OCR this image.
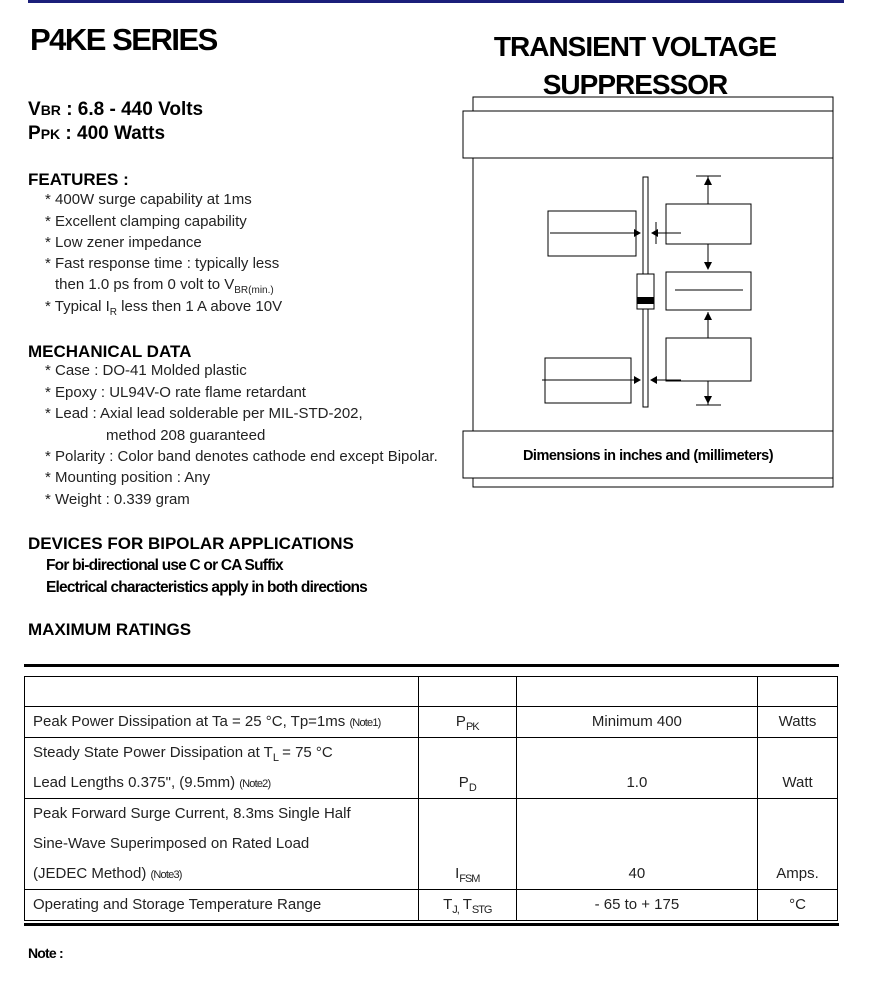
P4KE SERIES	TRANSIENT VOLTAGE
SUPPRESSOR
VBR : 6.8 - 440 Volts
PPK : 400 Watts
FEATURES :
* 400W surge capability at 1ms
* Excellent clamping capability
* Low zener impedance
* Fast response time : typically less
then 1.0 ps from 0 volt to $V_{BR(min.)}$
* Typical $I_R$ less then 1 A above 10V
MECHANICAL DATA
* Case : DO-41 Molded plastic
* Epoxy : UL94V-O rate flame retardant
* Lead : Axial lead solderable per MIL-STD-202,
method 208 guaranteed
* Polarity : Color band denotes cathode end except Bipolar.
* Mounting position : Any
* Weight : 0.339 gram
DEVICES FOR BIPOLAR APPLICATIONS
For bi-directional use C or CA Suffix
Electrical characteristics apply in both directions
MAXIMUM RATINGS
Dimensions in inches and (millimeters)

Peak Power Dissipation at Ta = 25 °C, Tp=1ms (Note1)	$P_{PK}$	Minimum 400	Watts

Steady State Power Dissipation at $T_L = 75$ °C
Lead Lengths 0.375", (9.5mm) (Note2)	$P_D$	1.0	Watt

Peak Forward Surge Current, 8.3ms Single Half
Sine-Wave Superimposed on Rated Load
(JEDEC Method) (Note3)	$I_{FSM}$	40	Amps.

Operating and Storage Temperature Range	$T_{J,}$ $T_{STG}$	- 65 to + 175	°C
Note :
